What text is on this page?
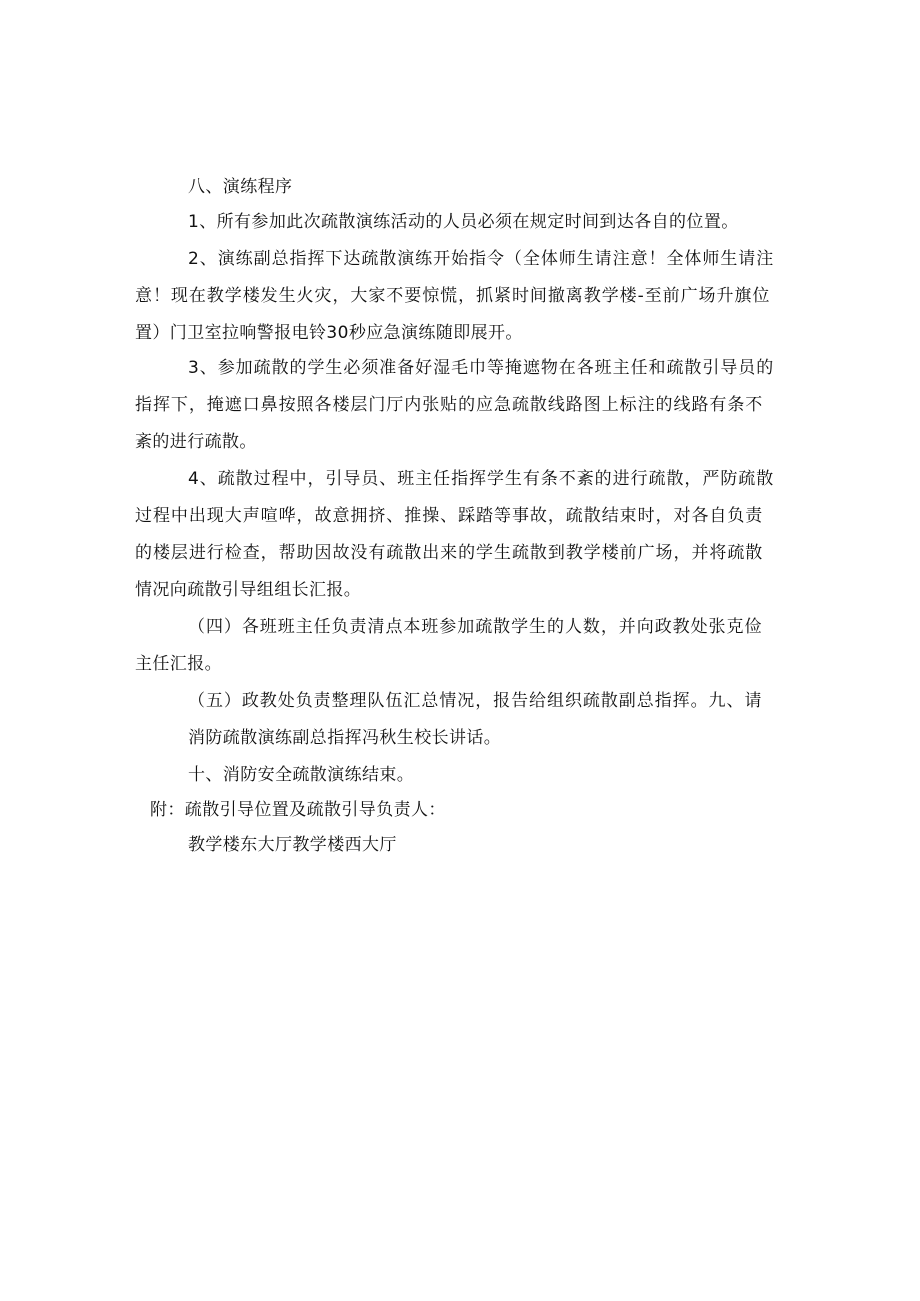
八、演练程序
1、所有参加此次疏散演练活动的人员必须在规定时间到达各自的位置。
2、演练副总指挥下达疏散演练开始指令（全体师生请注意！全体师生请注
意！现在教学楼发生火灾，大家不要惊慌，抓紧时间撤离教学楼-至前广场升旗位
置）门卫室拉响警报电铃30秒应急演练随即展开。
3、参加疏散的学生必须准备好湿毛巾等掩遮物在各班主任和疏散引导员的
指挥下，掩遮口鼻按照各楼层门厅内张贴的应急疏散线路图上标注的线路有条不
紊的进行疏散。
4、疏散过程中，引导员、班主任指挥学生有条不紊的进行疏散，严防疏散
过程中出现大声喧哗，故意拥挤、推操、踩踏等事故，疏散结束时，对各自负责
的楼层进行检查，帮助因故没有疏散出来的学生疏散到教学楼前广场，并将疏散
情况向疏散引导组组长汇报。
（四）各班班主任负责清点本班参加疏散学生的人数，并向政教处张克俭
主任汇报。
（五）政教处负责整理队伍汇总情况，报告给组织疏散副总指挥。九、请
消防疏散演练副总指挥冯秋生校长讲话。
十、消防安全疏散演练结束。
附：疏散引导位置及疏散引导负责人：
教学楼东大厅教学楼西大厅
